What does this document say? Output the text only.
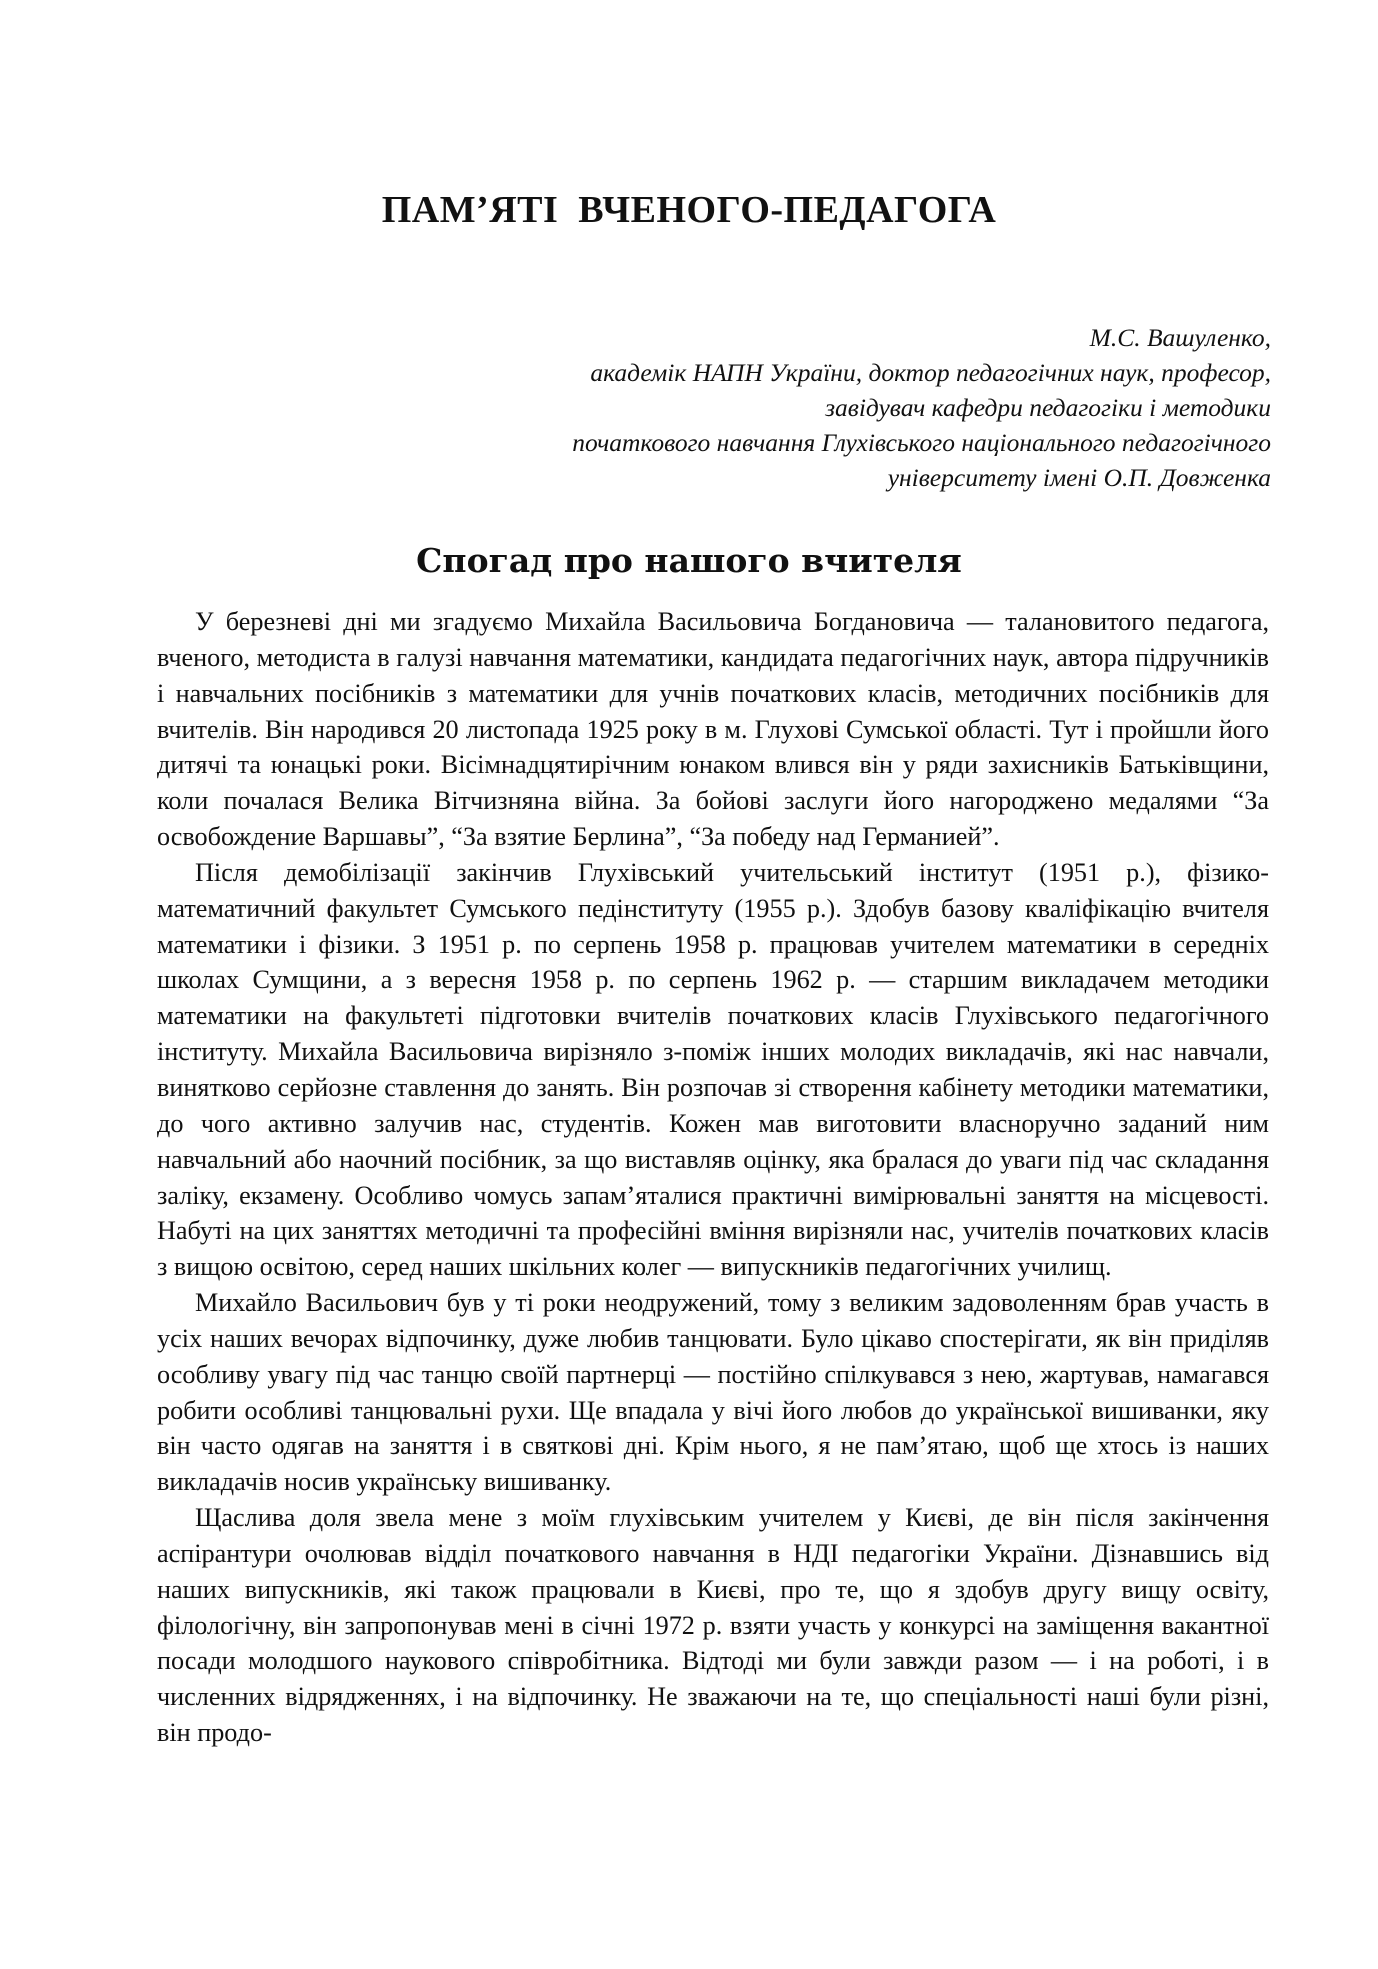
ПАМ’ЯТІ  ВЧЕНОГО-ПЕДАГОГА
М.С. Вашуленко,
академік НАПН України, доктор педагогічних наук, професор,
завідувач кафедри педагогіки і методики
початкового навчання Глухівського національного педагогічного
університету імені О.П. Довженка
Спогад про нашого вчителя

У березневі дні ми згадуємо Михайла Васильовича Богдановича — талановитого педагога, вченого, методиста в галузі навчання математики, кандидата педагогічних наук, автора підручників і навчальних посібників з математики для учнів початкових класів, методичних посібників для вчителів. Він народився 20 листопада 1925 року в м. Глухові Сумської області. Тут і пройшли його дитячі та юнацькі роки. Вісімнадцятирічним юнаком влився він у ряди захисників Батьківщини, коли почалася Велика Вітчизняна війна. За бойові заслуги його нагороджено медалями “За освобождение Варшавы”, “За взятие Берлина”, “За победу над Германией”.

Після демобілізації закінчив Глухівський учительський інститут (1951 р.), фізико-математичний факультет Сумського педінституту (1955 р.). Здобув базову кваліфікацію вчителя математики і фізики. З 1951 р. по серпень 1958 р. працював учителем математики в середніх школах Сумщини, а з вересня 1958 р. по серпень 1962 р. — старшим викладачем методики математики на факультеті підготовки вчителів початкових класів Глухівського педагогічного інституту. Михайла Васильовича вирізняло з-поміж інших молодих викладачів, які нас навчали, винятково серйозне ставлення до занять. Він розпочав зі створення кабінету методики математики, до чого активно залучив нас, студентів. Кожен мав виготовити власноручно заданий ним навчальний або наочний посібник, за що виставляв оцінку, яка бралася до уваги під час складання заліку, екзамену. Особливо чомусь запам’яталися практичні вимірювальні заняття на місцевості. Набуті на цих заняттях методичні та професійні вміння вирізняли нас, учителів початкових класів з вищою освітою, серед наших шкільних колег — випускників педагогічних училищ.

Михайло Васильович був у ті роки неодружений, тому з великим задоволенням брав участь в усіх наших вечорах відпочинку, дуже любив танцювати. Було цікаво спостерігати, як він приділяв особливу увагу під час танцю своїй партнерці — постійно спілкувався з нею, жартував, намагався робити особливі танцювальні рухи. Ще впадала у вічі його любов до української вишиванки, яку він часто одягав на заняття і в святкові дні. Крім нього, я не пам’ятаю, щоб ще хтось із наших викладачів носив українську вишиванку.

Щаслива доля звела мене з моїм глухівським учителем у Києві, де він після закінчення аспірантури очолював відділ початкового навчання в НДІ педагогіки України. Дізнавшись від наших випускників, які також працювали в Києві, про те, що я здобув другу вищу освіту, філологічну, він запропонував мені в січні 1972 р. взяти участь у конкурсі на заміщення вакантної посади молодшого наукового співробітника. Відтоді ми були завжди разом — і на роботі, і в численних відрядженнях, і на відпочинку. Не зважаючи на те, що спеціальності наші були різні, він продо-
